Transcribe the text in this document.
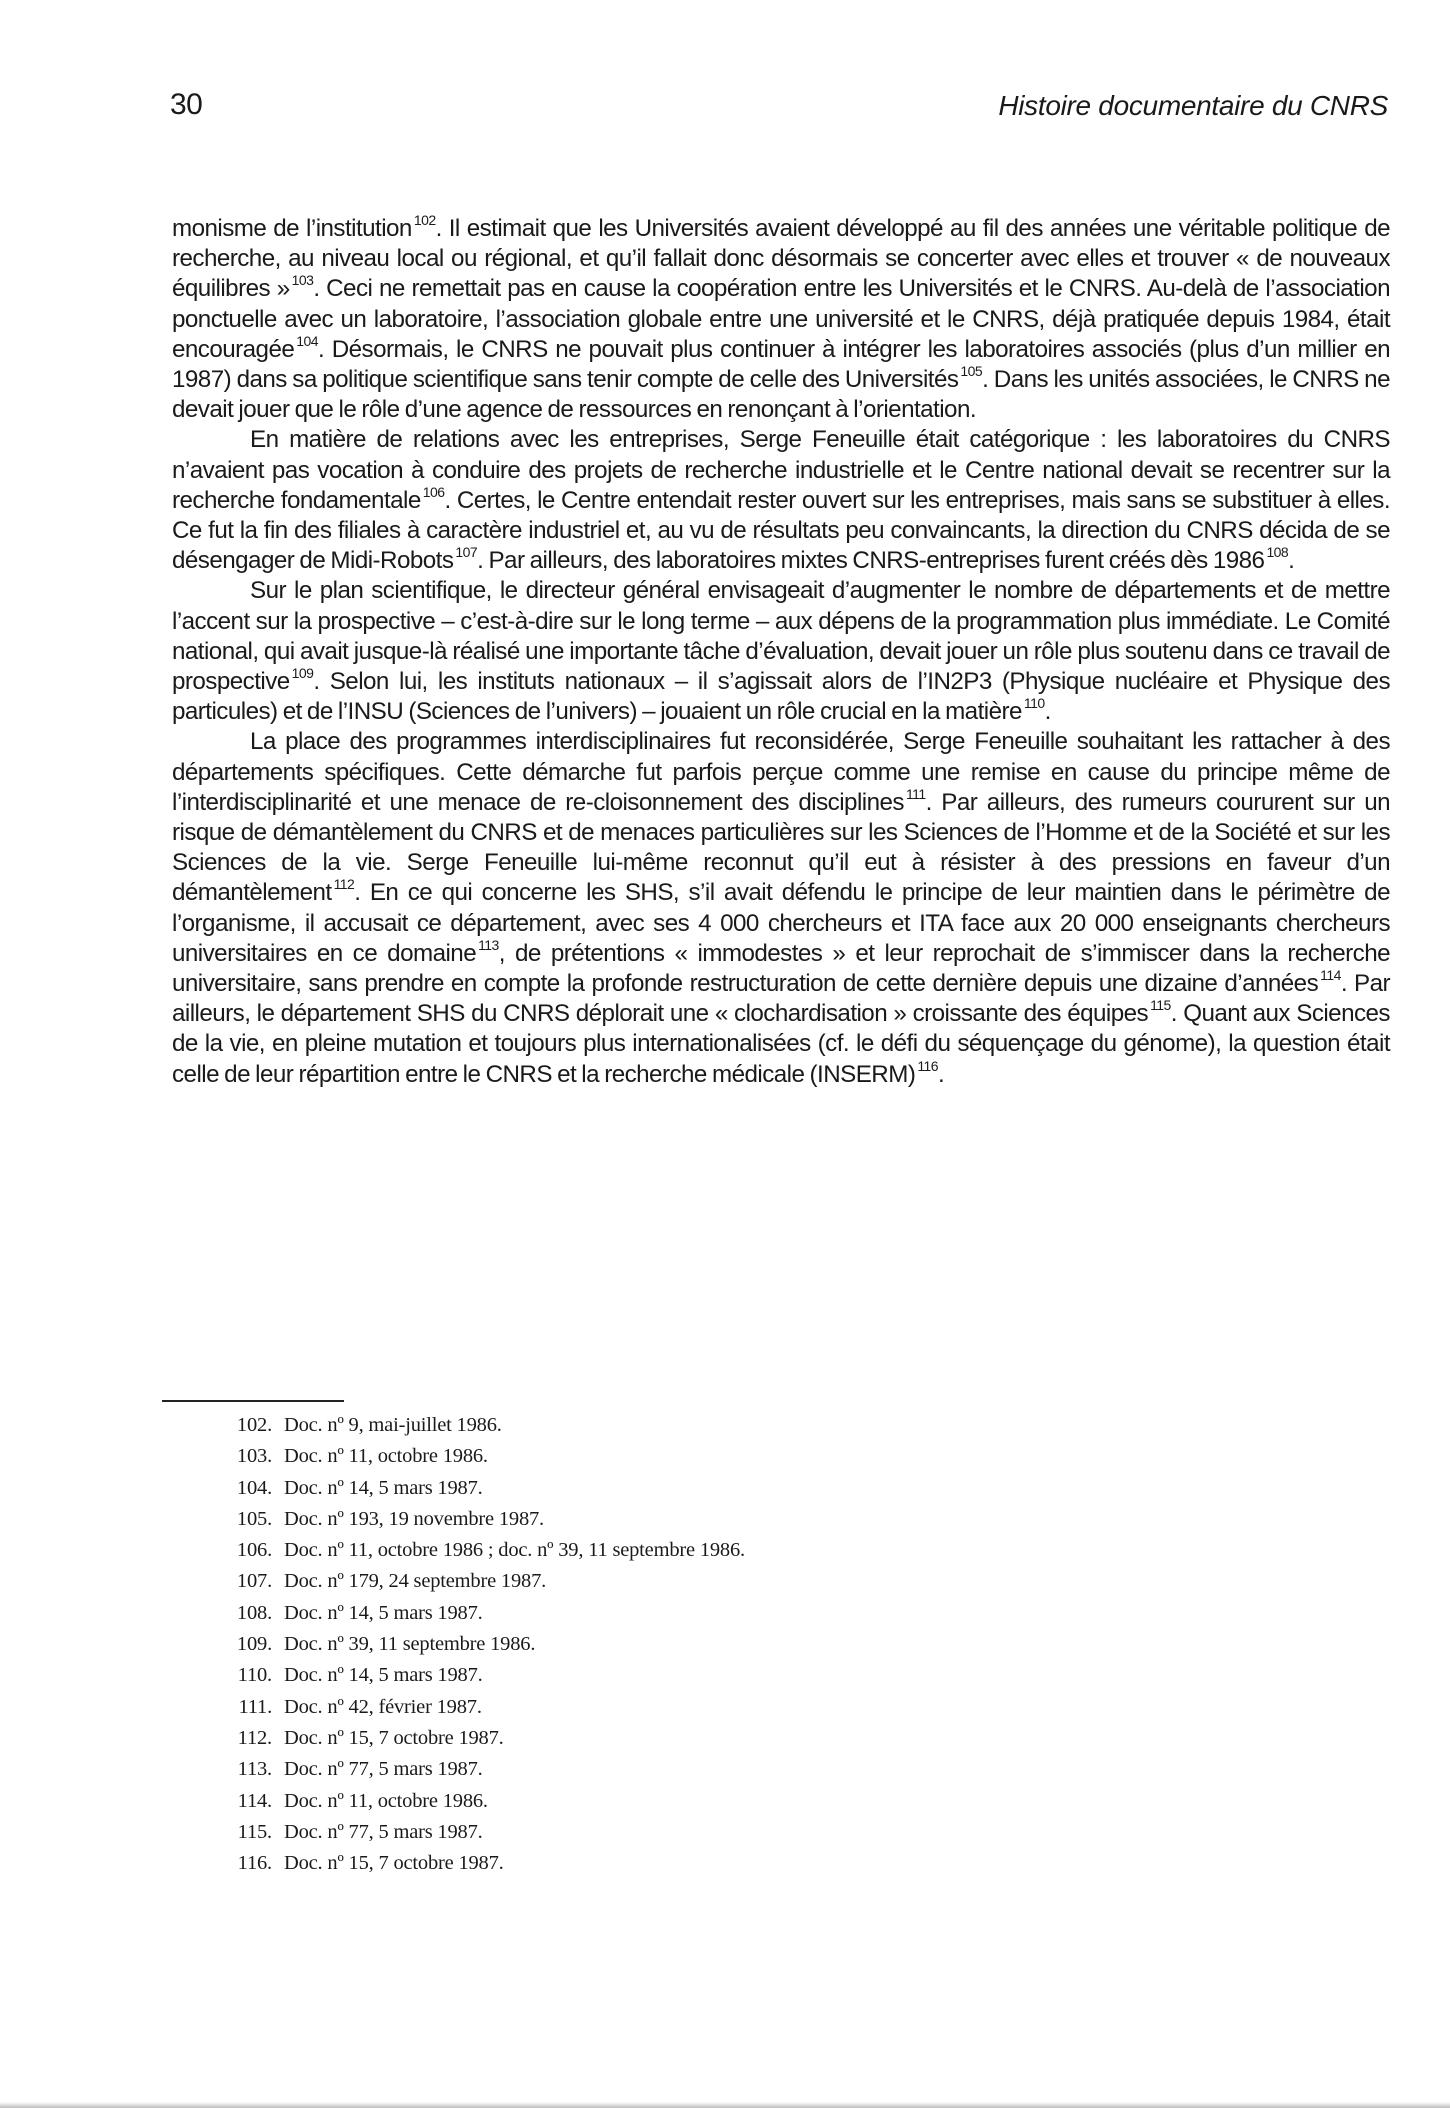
30	Histoire documentaire du CNRS

monisme de l’institution $^{102}$. Il estimait que les Universités avaient développé au fil des années une véritable politique de recherche, au niveau local ou régional, et qu’il fallait donc désormais se concerter avec elles et trouver « de nouveaux équilibres » $^{103}$. Ceci ne remettait pas en cause la coopération entre les Universités et le CNRS. Au-delà de l’association ponctuelle avec un laboratoire, l’association globale entre une université et le CNRS, déjà pratiquée depuis 1984, était encouragée $^{104}$. Désormais, le CNRS ne pouvait plus continuer à intégrer les laboratoires associés (plus d’un millier en 1987) dans sa politique scientifique sans tenir compte de celle des Universités $^{105}$. Dans les unités associées, le CNRS ne devait jouer que le rôle d’une agence de ressources en renonçant à l’orientation.

En matière de relations avec les entreprises, Serge Feneuille était catégorique : les laboratoires du CNRS n’avaient pas vocation à conduire des projets de recherche industrielle et le Centre national devait se recentrer sur la recherche fondamentale $^{106}$. Certes, le Centre entendait rester ouvert sur les entreprises, mais sans se substituer à elles. Ce fut la fin des filiales à caractère industriel et, au vu de résultats peu convaincants, la direction du CNRS décida de se désengager de Midi-Robots $^{107}$. Par ailleurs, des laboratoires mixtes CNRS-entreprises furent créés dès 1986 $^{108}$.

Sur le plan scientifique, le directeur général envisageait d’augmenter le nombre de départements et de mettre l’accent sur la prospective – c’est-à-dire sur le long terme – aux dépens de la programmation plus immédiate. Le Comité national, qui avait jusque-là réalisé une importante tâche d’évaluation, devait jouer un rôle plus soutenu dans ce travail de prospective $^{109}$. Selon lui, les instituts nationaux – il s’agissait alors de l’IN2P3 (Physique nucléaire et Physique des particules) et de l’INSU (Sciences de l’univers) – jouaient un rôle crucial en la matière $^{110}$.

La place des programmes interdisciplinaires fut reconsidérée, Serge Feneuille souhaitant les rattacher à des départements spécifiques. Cette démarche fut parfois perçue comme une remise en cause du principe même de l’interdisciplinarité et une menace de re-cloisonnement des disciplines $^{111}$. Par ailleurs, des rumeurs coururent sur un risque de démantèlement du CNRS et de menaces particulières sur les Sciences de l’Homme et de la Société et sur les Sciences de la vie. Serge Feneuille lui-même reconnut qu’il eut à résister à des pressions en faveur d’un démantèlement $^{112}$. En ce qui concerne les SHS, s’il avait défendu le principe de leur maintien dans le périmètre de l’organisme, il accusait ce département, avec ses 4 000 chercheurs et ITA face aux 20 000 enseignants chercheurs universitaires en ce domaine $^{113}$, de prétentions « immodestes » et leur reprochait de s’immiscer dans la recherche universitaire, sans prendre en compte la profonde restructuration de cette dernière depuis une dizaine d’années $^{114}$. Par ailleurs, le département SHS du CNRS déplorait une « clochardisation » croissante des équipes $^{115}$. Quant aux Sciences de la vie, en pleine mutation et toujours plus internationalisées (cf. le défi du séquençage du génome), la question était celle de leur répartition entre le CNRS et la recherche médicale (INSERM) $^{116}$.

102. Doc. nº 9, mai-juillet 1986.
103. Doc. nº 11, octobre 1986.
104. Doc. nº 14, 5 mars 1987.
105. Doc. nº 193, 19 novembre 1987.
106. Doc. nº 11, octobre 1986 ; doc. nº 39, 11 septembre 1986.
107. Doc. nº 179, 24 septembre 1987.
108. Doc. nº 14, 5 mars 1987.
109. Doc. nº 39, 11 septembre 1986.
110. Doc. nº 14, 5 mars 1987.
111. Doc. nº 42, février 1987.
112. Doc. nº 15, 7 octobre 1987.
113. Doc. nº 77, 5 mars 1987.
114. Doc. nº 11, octobre 1986.
115. Doc. nº 77, 5 mars 1987.
116. Doc. nº 15, 7 octobre 1987.
